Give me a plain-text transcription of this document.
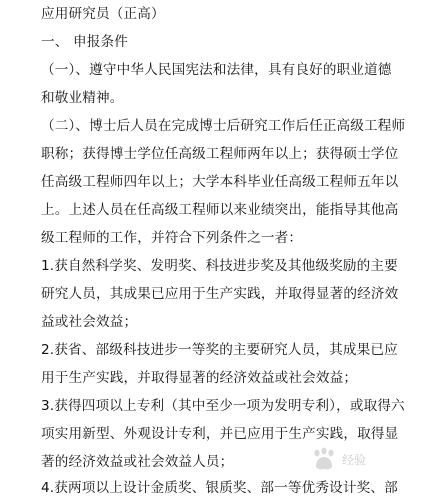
应用研究员（正高）
一、 申报条件
（一）、遵守中华人民国宪法和法律，具有良好的职业道德
和敬业精神。
（二）、博士后人员在完成博士后研究工作后任正高级工程师
职称；获得博士学位任高级工程师两年以上；获得硕士学位
任高级工程师四年以上；大学本科毕业任高级工程师五年以
上。上述人员在任高级工程师以来业绩突出，能指导其他高
级工程师的工作，并符合下列条件之一者：
1.获自然科学奖、发明奖、科技进步奖及其他级奖励的主要
研究人员，其成果已应用于生产实践，并取得显著的经济效
益或社会效益；
2.获省、部级科技进步一等奖的主要研究人员，其成果已应
用于生产实践，并取得显著的经济效益或社会效益；
3.获得四项以上专利（其中至少一项为发明专利），或取得六
项实用新型、外观设计专利，并已应用于生产实践，取得显
著的经济效益或社会效益人员；
4.获两项以上设计金质奖、银质奖、部一等优秀设计奖、部
经验
